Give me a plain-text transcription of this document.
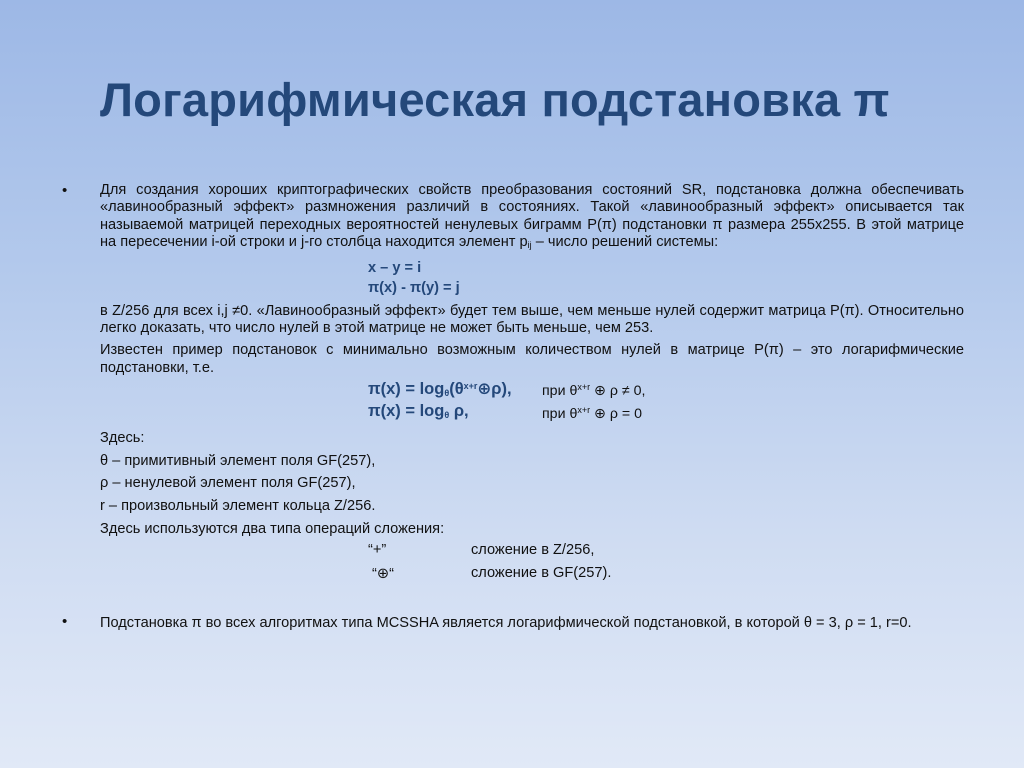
Логарифмическая подстановка π
• Для создания хороших криптографических свойств преобразования состояний SR, подстановка должна обеспечивать «лавинообразный эффект» размножения различий в состояниях. Такой «лавинообразный эффект» описывается так называемой матрицей переходных вероятностей ненулевых биграмм P(π) подстановки π размера 255x255. В этой матрице на пересечении i-ой строки и j-го столбца находится элемент $p_{ij}$ – число решений системы:

x – y = i
π(x) - π(y) = j

в Z/256 для всех i,j ≠0. «Лавинообразный эффект» будет тем выше, чем меньше нулей содержит матрица P(π). Относительно легко доказать, что число нулей в этой матрице не может быть меньше, чем 253.

Известен пример подстановок с минимально возможным количеством нулей в матрице P(π) – это логарифмические подстановки, т.е.

$\pi(x) = \log_\theta(\theta^{x+r}\oplus\rho)$, при $\theta^{x+r}$ ⊕ ρ ≠ 0,
$\pi(x) = \log_\theta \rho$,	при $\theta^{x+r}$ ⊕ ρ = 0
Здесь:
θ – примитивный элемент поля GF(257),
ρ – ненулевой элемент поля GF(257),
r – произвольный элемент кольца Z/256.
Здесь используются два типа операций сложения:
“+”	сложение в Z/256,
“⊕“	сложение в GF(257).
• Подстановка π во всех алгоритмах типа MCSSHA является логарифмической подстановкой, в которой θ = 3, ρ = 1, r=0.
